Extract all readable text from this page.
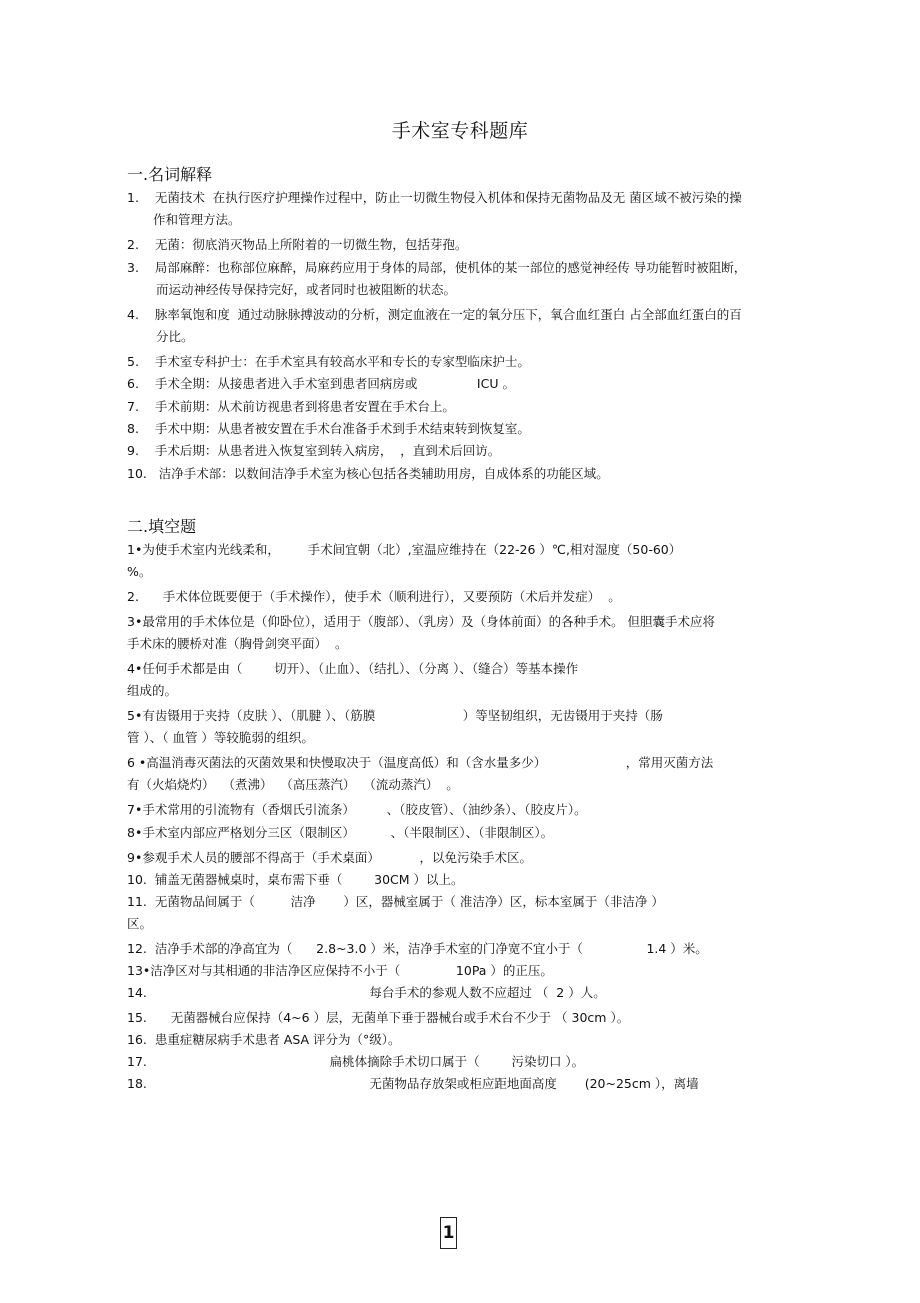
手术室专科题库
一.名词解释
1.    无菌技术  在执行医疗护理操作过程中，防止一切微生物侵入机体和保持无菌物品及无 菌区域不被污染的操
作和管理方法。
2.    无菌：彻底消灭物品上所附着的一切微生物，包括芽孢。
3.    局部麻醉：也称部位麻醉，局麻药应用于身体的局部，使机体的某一部位的感觉神经传 导功能暂时被阻断，
而运动神经传导保持完好，或者同时也被阻断的状态。
4.    脉率氧饱和度  通过动脉脉搏波动的分析，测定血液在一定的氧分压下，氧合血红蛋白 占全部血红蛋白的百
分比。
5.    手术室专科护士：在手术室具有较高水平和专长的专家型临床护士。
6.    手术全期：从接患者进入手术室到患者回病房或               ICU 。
7.    手术前期：从术前访视患者到将患者安置在手术台上。
8.    手术中期：从患者被安置在手术台准备手术到手术结束转到恢复室。
9.    手术后期：从患者进入恢复室到转入病房，  ，直到术后回访。
10.   洁净手术部：以数间洁净手术室为核心包括各类辅助用房，自成体系的功能区域。
二.填空题
1•为使手术室内光线柔和，       手术间宜朝（北）,室温应维持在（22-26 ）℃,相对湿度（50-60）
%。
2.      手术体位既要便于（手术操作），使手术（顺利进行），又要预防（术后并发症）  。
3•最常用的手术体位是（仰卧位），适用于（腹部）、（乳房）及（身体前面）的各种手术。 但胆囊手术应将
手术床的腰桥对准（胸骨剑突平面）  。
4•任何手术都是由（        切开）、（止血）、（结扎）、（分离 ）、（缝合）等基本操作
组成的。
5•有齿镊用于夹持（皮肤 ）、（肌腱 ）、（筋膜                      ）等坚韧组织，无齿镊用于夹持（肠
管 ）、（ 血管 ）等较脆弱的组织。
6 •高温消毒灭菌法的灭菌效果和快慢取决于（温度高低）和（含水量多少）                    ，常用灭菌方法
有（火焰烧灼）  （煮沸）  （高压蒸汽）  （流动蒸汽）  。
7•手术常用的引流物有（香烟氏引流条）        、（胶皮管）、（油纱条）、（胶皮片）。
8•手术室内部应严格划分三区（限制区）         、（半限制区）、（非限制区）。
9•参观手术人员的腰部不得高于（手术桌面）          ，以免污染手术区。
10.  铺盖无菌器械桌时，桌布需下垂（        30CM ）以上。
11.  无菌物品间属于（         洁净       ）区，器械室属于（ 准洁净）区，标本室属于（非洁净 ）
区。
12.  洁净手术部的净高宜为（      2.8~3.0 ）米，洁净手术室的门净宽不宜小于（                1.4 ）米。
13•洁净区对与其相通的非洁净区应保持不小于（              10Pa ）的正压。
14.                                                        每台手术的参观人数不应超过 （  2 ）人。
15.      无菌器械台应保持（4~6 ）层，无菌单下垂于器械台或手术台不少于 （ 30cm ）。
16.  患重症糖尿病手术患者 ASA 评分为（°级）。
17.                                              扁桃体摘除手术切口属于（        污染切口 ）。
18.                                                        无菌物品存放架或柜应距地面高度       (20~25cm ），离墙
1
